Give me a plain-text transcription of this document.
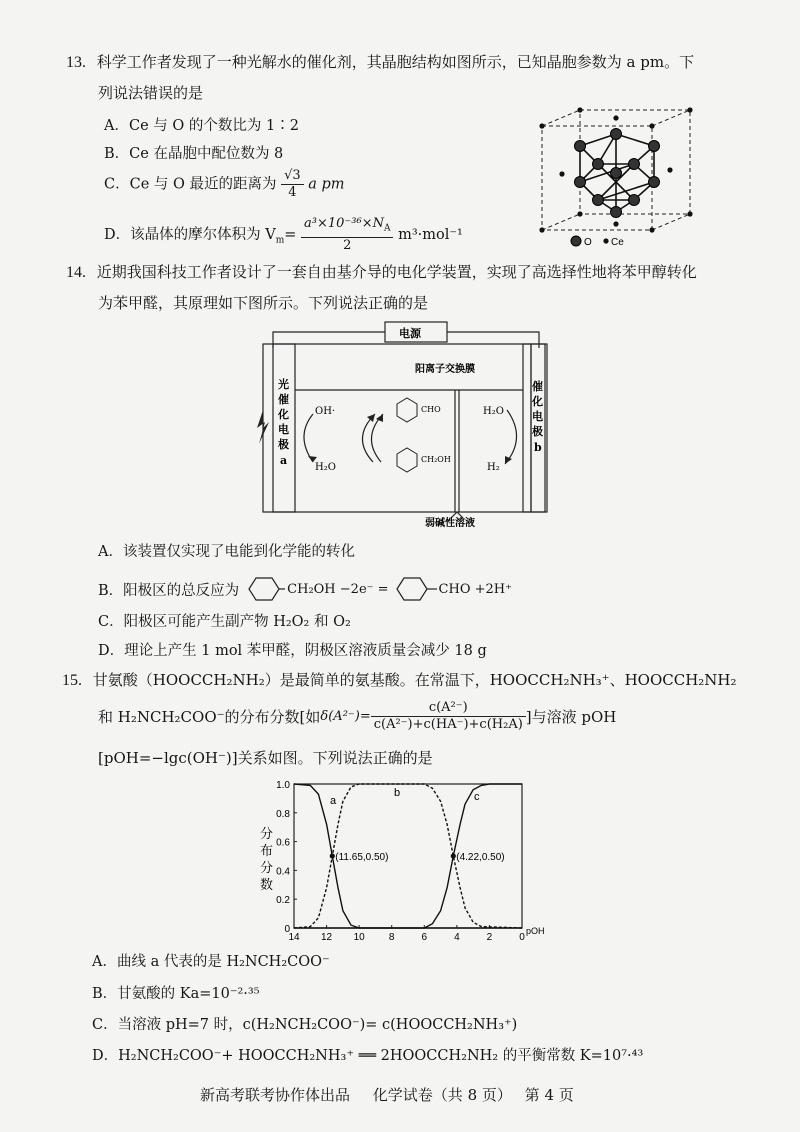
13. 科学工作者发现了一种光解水的催化剂，其晶胞结构如图所示，已知晶胞参数为 a pm。下
列说法错误的是
A．Ce 与 O 的个数比为 1∶2
B．Ce 在晶胞中配位数为 8
C．Ce 与 O 最近的距离为 $\frac{√3}{4}$ a pm
D．该晶体的摩尔体积为 $V_m= \frac{a^3\times 10^{-36}\times N_A}{2} m^3\cdot mol^{-1}$	O Ce
14. 近期我国科技工作者设计了一套自由基介导的电化学装置，实现了高选择性地将苯甲醇转化
为苯甲醛，其原理如下图所示。下列说法正确的是
电源
阳离子交换膜
光
催
化
电
极
a
催
化
电
极
b
OH·
H₂O
CHO
CH₂OH
H₂O
H₂
弱碱性溶液
A．该装置仅实现了电能到化学能的转化
B．阳极区的总反应为	CH₂OH −2e⁻ =	CHO +2H⁺
C．阳极区可能产生副产物 H₂O₂ 和 O₂
D．理论上产生 1 mol 苯甲醛，阴极区溶液质量会减少 18 g
15. 甘氨酸（HOOCCH₂NH₂）是最简单的氨基酸。在常温下，HOOCCH₂NH₃⁺、HOOCCH₂NH₂
和 H₂NCH₂COO⁻的分布分数[如 $\delta(A^{2-})= \frac{\text{c(A²⁻)}}{\text{c(A²⁻)+c(HA⁻)+c(H₂A)}}$ ]与溶液 pOH
[pOH=−lgc(OH⁻)]关系如图。下列说法正确的是
14 12 10 8	6	4	2	0
0
0.2
0.4
0.6
0.8
1.0
pOH
分
布
分
数
a
b	c
(11.65,0.50)	(4.22,0.50)
A．曲线 a 代表的是 H₂NCH₂COO⁻
B．甘氨酸的 Ka=10⁻²·³⁵
C．当溶液 pH=7 时，c(H₂NCH₂COO⁻)= c(HOOCCH₂NH₃⁺)
D．H₂NCH₂COO⁻+ HOOCCH₂NH₃⁺ ══ 2HOOCCH₂NH₂ 的平衡常数 K=10⁷·⁴³
新高考联考协作体出品 化学试卷（共 8 页） 第 4 页
